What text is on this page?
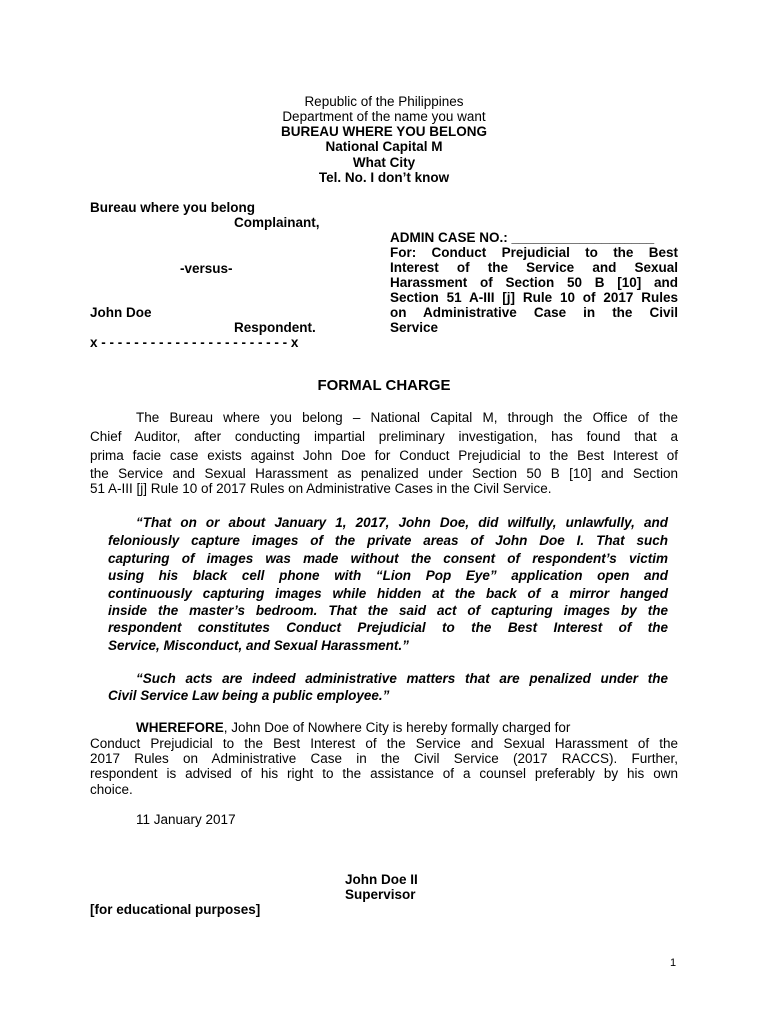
Republic of the Philippines
Department of the name you want
BUREAU WHERE YOU BELONG
National Capital M
What City
Tel. No. I don’t know
Bureau where you belong
Complainant,
-versus-
John Doe
Respondent.
x - - - - - - - - - - - - - - - - - - - - - - - x
ADMIN CASE NO.: ___________________
For: Conduct Prejudicial to the Best
Interest of the Service and Sexual
Harassment of Section 50 B [10] and
Section 51 A-III [j] Rule 10 of 2017 Rules
on Administrative Case in the Civil
Service
FORMAL CHARGE
The Bureau where you belong – National Capital M, through the Office of the
Chief Auditor, after conducting impartial preliminary investigation, has found that a
prima facie case exists against John Doe for Conduct Prejudicial to the Best Interest of
the Service and Sexual Harassment as penalized under Section 50 B [10] and Section
51 A-III [j] Rule 10 of 2017 Rules on Administrative Cases in the Civil Service.
“That on or about January 1, 2017, John Doe, did wilfully, unlawfully, and
feloniously capture images of the private areas of John Doe I. That such
capturing of images was made without the consent of respondent’s victim
using his black cell phone with “Lion Pop Eye” application open and
continuously capturing images while hidden at the back of a mirror hanged
inside the master’s bedroom. That the said act of capturing images by the
respondent constitutes Conduct Prejudicial to the Best Interest of the
Service, Misconduct, and Sexual Harassment.”
“Such acts are indeed administrative matters that are penalized under the
Civil Service Law being a public employee.”
WHEREFORE, John Doe of Nowhere City is hereby formally charged for
Conduct Prejudicial to the Best Interest of the Service and Sexual Harassment of the
2017 Rules on Administrative Case in the Civil Service (2017 RACCS). Further,
respondent is advised of his right to the assistance of a counsel preferably by his own
choice.
11 January 2017
John Doe II
Supervisor
[for educational purposes]
1
